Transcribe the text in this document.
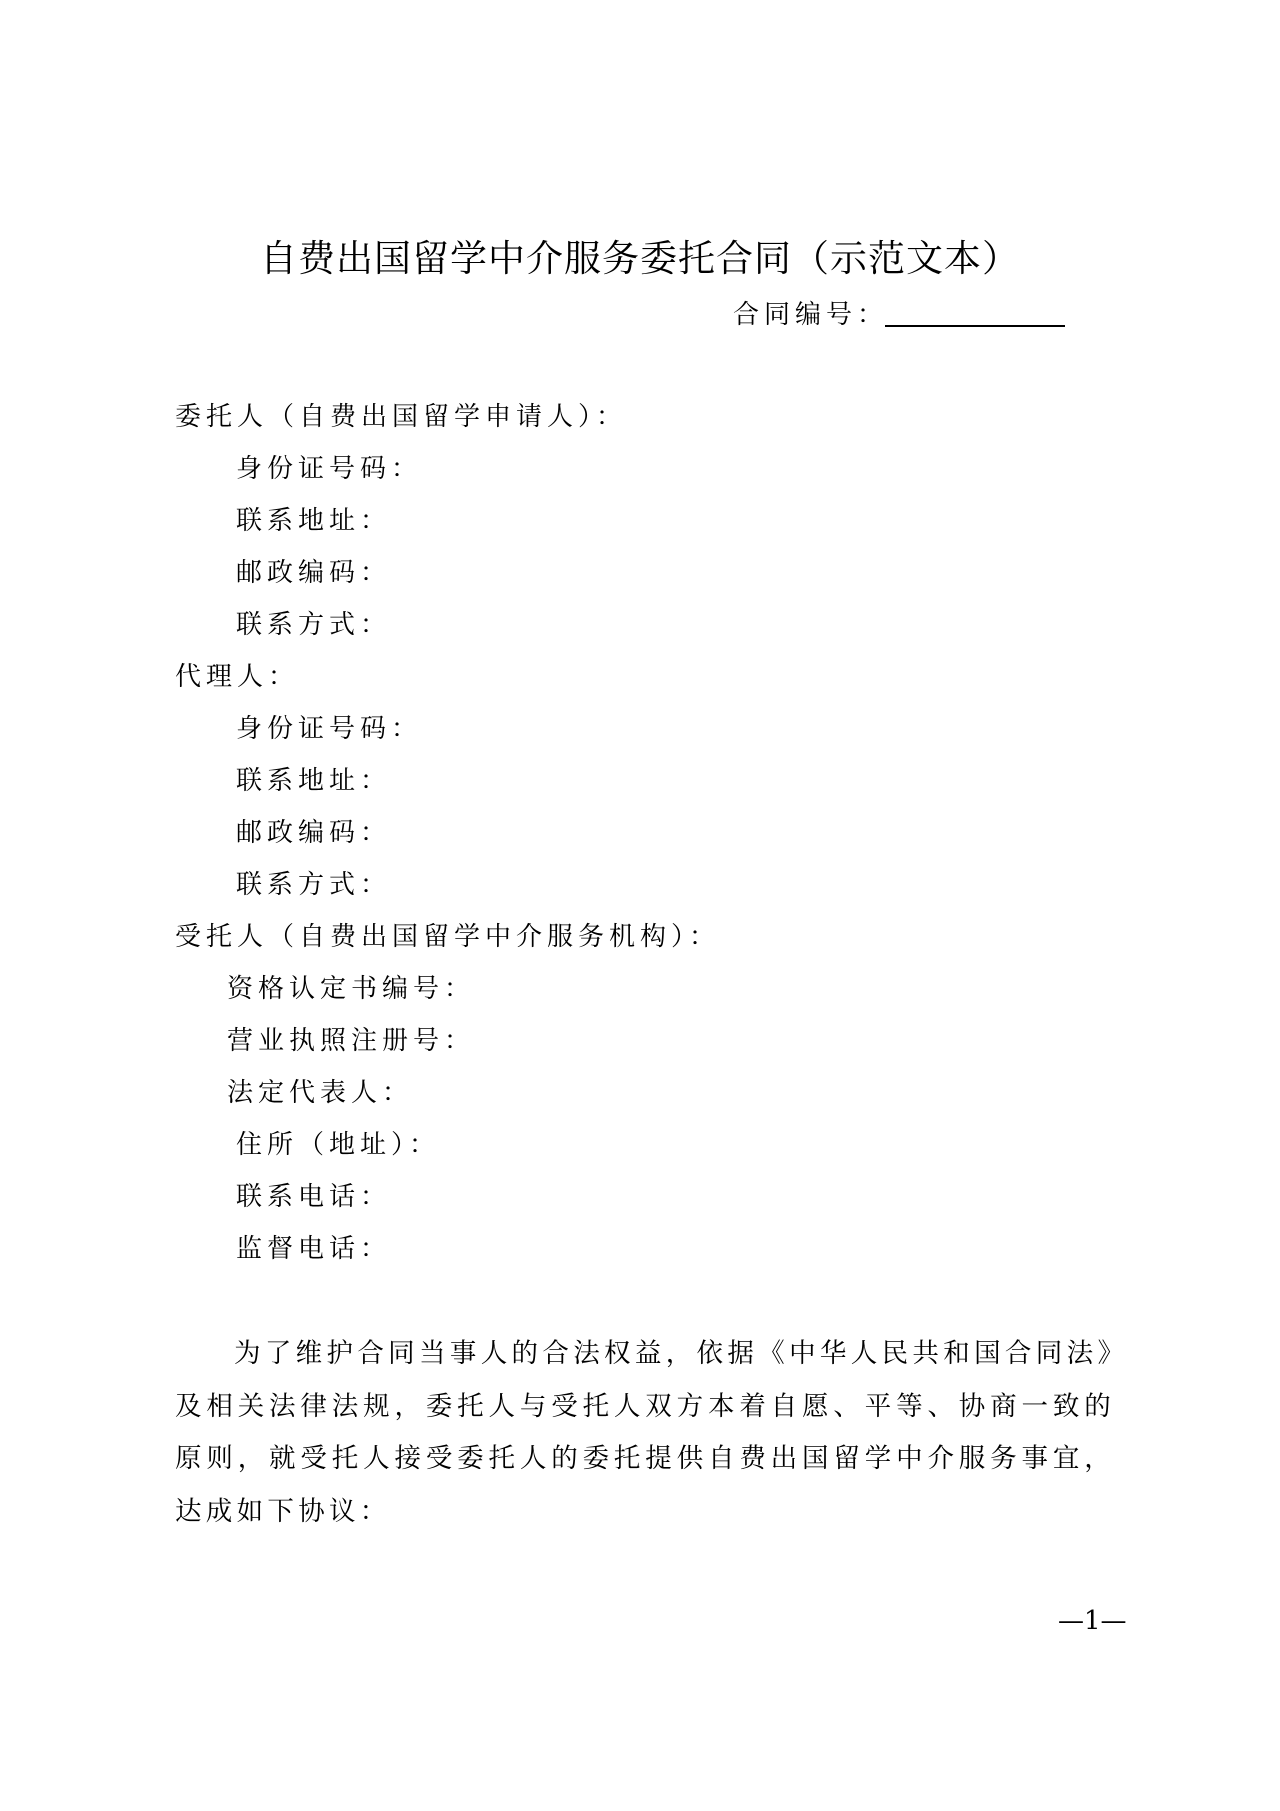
自费出国留学中介服务委托合同（示范文本）
合同编号：
委托人（自费出国留学申请人）：
身份证号码：
联系地址：
邮政编码：
联系方式：
代理人：
身份证号码：
联系地址：
邮政编码：
联系方式：
受托人（自费出国留学中介服务机构）：
资格认定书编号：
营业执照注册号：
法定代表人：
住所（地址）：
联系电话：
监督电话：
为了维护合同当事人的合法权益，依据《中华人民共和国合同法》及相关法律法规，委托人与受托人双方本着自愿、平等、协商一致的原则，就受托人接受委托人的委托提供自费出国留学中介服务事宜，达成如下协议：
—1—
